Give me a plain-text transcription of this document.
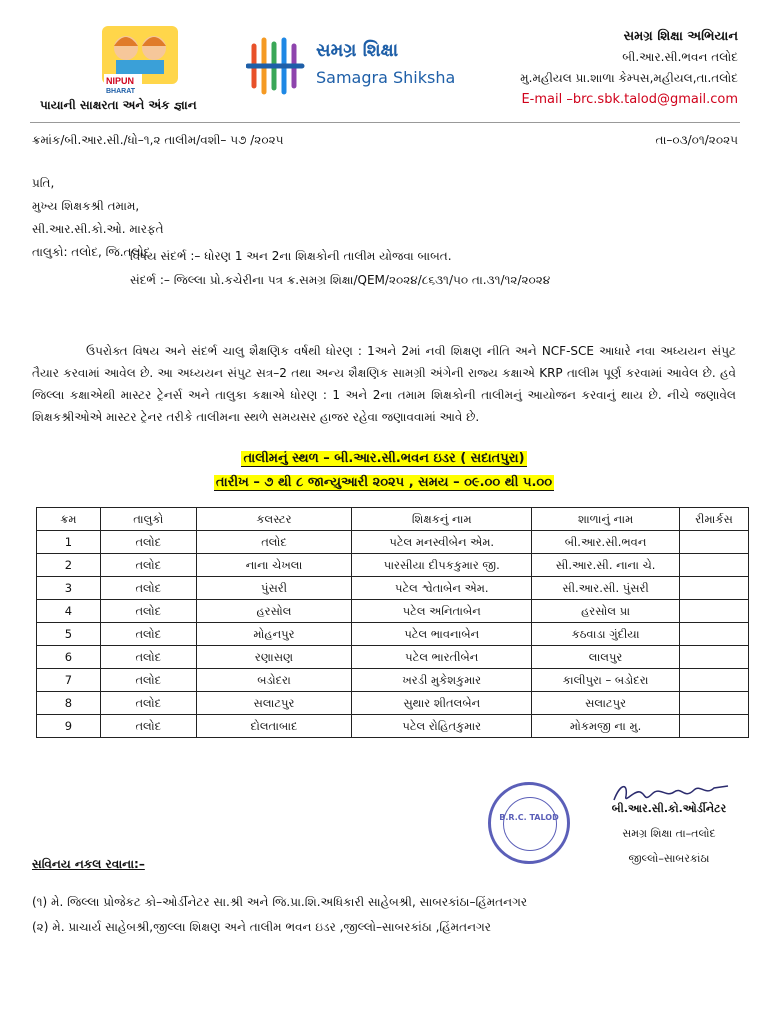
NIPUN
BHARAT
પાયાની સાક્ષરતા અને અંક જ્ઞાન
સમગ્ર શિક્ષા
Samagra Shiksha
સમગ્ર શિક્ષા અભિયાન
બી.આર.સી.ભવન તલોદ
મુ.મહીયલ પ્રા.શાળા કેમ્પસ,મહીયલ,તા.તલોદ
E-mail –brc.sbk.talod@gmail.com
ક્રમાંક/બી.આર.સી./ધો–૧,૨ તાલીમ/વશી– ૫૭ /૨૦૨૫	તા–૦૩/૦૧/૨૦૨૫
પ્રતિ,
મુખ્ય શિક્ષકશ્રી તમામ,
સી.આર.સી.કો.ઓ. મારફતે
તાલુકો: તલોદ, જિ.તલોદ
વિષય સંદર્ભ :– ધોરણ 1 અન 2ના શિક્ષકોની તાલીમ યોજવા બાબત.
સંદર્ભ :– જિલ્લા પ્રો.કચેરીના પત્ર ક્ર.સમગ્ર શિક્ષા/QEM/૨૦૨૪/૮૬૩૧/૫૦ તા.૩૧/૧૨/૨૦૨૪
ઉપરોક્ત વિષય અને સંદર્ભ ચાલુ શૈક્ષણિક વર્ષથી ધોરણ : 1અને 2માં નવી શિક્ષણ નીતિ અને NCF-SCE આધારે નવા અધ્યયન સંપુટ તૈયાર કરવામાં આવેલ છે. આ અધ્યયન સંપુટ સત્ર–2 તથા અન્ય શૈક્ષણિક સામગ્રી અંગેની રાજ્ય કક્ષાએ KRP તાલીમ પૂર્ણ કરવામાં આવેલ છે. હવે જિલ્લા કક્ષાએથી માસ્ટર ટ્રેનર્સ અને તાલુકા કક્ષાએ ધોરણ : 1 અને 2ના તમામ શિક્ષકોની તાલીમનું આયોજન કરવાનું થાય છે. નીચે જણાવેલ શિક્ષકશ્રીઓએ માસ્ટર ટ્રેનર તરીકે તાલીમના સ્થળે સમયસર હાજર રહેવા જણાવવામાં આવે છે.
તાલીમનું સ્થળ – બી.આર.સી.ભવન ઇડર ( સદાતપુરા)
તારીખ – ૭ થી ૮ જાન્યુઆરી ૨૦૨૫ , સમય – ૦૯.૦૦ થી ૫.૦૦
ક્રમ	તાલુકો	કલસ્ટર	શિક્ષકનું નામ	શાળાનું નામ	રીમાર્કસ
1	તલોદ	તલોદ	પટેલ મનસ્વીબેન એમ.	બી.આર.સી.ભવન	
2	તલોદ	નાના ચેખલા	પારસીયા દીપકકુમાર જી.	સી.આર.સી. નાના ચે.	
3	તલોદ	પુંસરી	પટેલ શ્વેતાબેન એમ.	સી.આર.સી. પુંસરી	
4	તલોદ	હરસોલ	પટેલ અનિતાબેન	હરસોલ પ્રા	
5	તલોદ	મોહનપુર	પટેલ ભાવનાબેન	કઠવાડા ગુંદીયા	
6	તલોદ	રણાસણ	પટેલ ભારતીબેન	લાલપુર	
7	તલોદ	બડોદરા	ખરડી મુકેશકુમાર	કાલીપુરા – બડોદરા	
8	તલોદ	સલાટપુર	સુથાર શીતલબેન	સલાટપુર	
9	તલોદ	દોલતાબાદ	પટેલ રોહિતકુમાર	મોકમજી ના મુ.	
B.R.C. TALOD
બી.આર.સી.કો.ઓર્ડીનેટર
સમગ્ર શિક્ષા તા–તલોદ
જીલ્લો–સાબરકાંઠા
સવિનય નકલ રવાના:–
(૧) મે. જિલ્લા પ્રોજેકટ કો–ઓર્ડીનેટર સા.શ્રી અને જિ.પ્રા.શિ.અધિકારી સાહેબશ્રી, સાબરકાંઠા–હિંમતનગર
(૨) મે. પ્રાચાર્ય સાહેબશ્રી,જીલ્લા શિક્ષણ અને તાલીમ ભવન ઇડર ,જીલ્લો–સાબરકાંઠા ,હિંમતનગર
